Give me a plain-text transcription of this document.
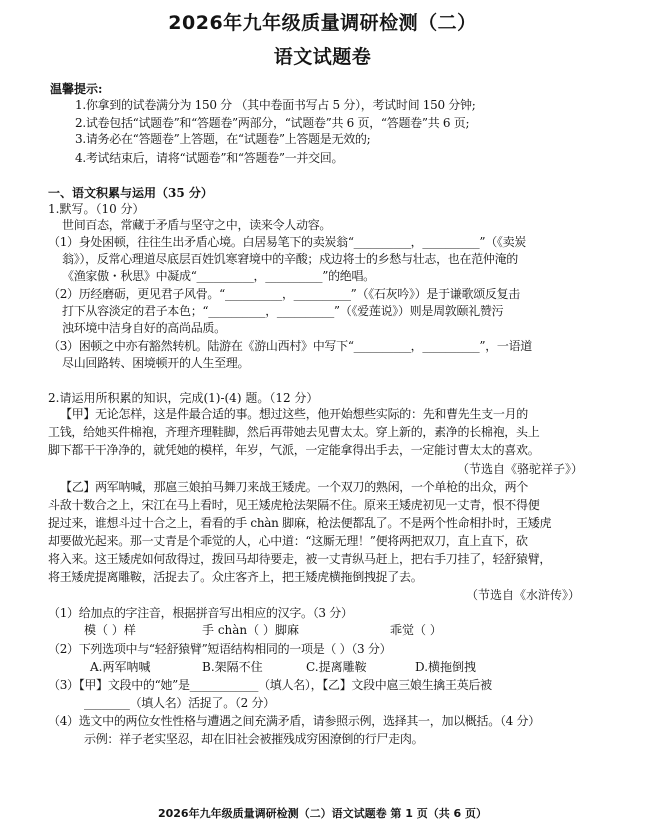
2026年九年级质量调研检测（二）
语文试题卷
温馨提示:
1.你拿到的试卷满分为 150 分 （其中卷面书写占 5 分），考试时间 150 分钟;
2.试卷包括“试题卷”和“答题卷”两部分，“试题卷”共 6 页，“答题卷”共 6 页;
3.请务必在“答题卷”上答题，在“试题卷”上答题是无效的;
4.考试结束后，请将“试题卷”和“答题卷”一并交回。
一、语文积累与运用（35 分）
1.默写。（10 分）
世间百态，常藏于矛盾与坚守之中，读来令人动容。
（1）身处困顿，往往生出矛盾心境。白居易笔下的卖炭翁“__________，__________”（《卖炭
翁》），反常心理道尽底层百姓饥寒窘境中的辛酸；戍边将士的乡愁与壮志，也在范仲淹的
《渔家傲・秋思》中凝成“__________，__________”的绝唱。
（2）历经磨砺，更见君子风骨。“__________，__________”（《石灰吟》）是于谦歌颂反复击
打下从容淡定的君子本色；“__________，__________”（《爱莲说》）则是周敦颐礼赞污
浊环境中洁身自好的高尚品质。
（3）困顿之中亦有豁然转机。陆游在《游山西村》中写下“__________，__________”，一语道
尽山回路转、困境顿开的人生至理。
2.请运用所积累的知识，完成(1)-(4) 题。（12 分）
【甲】无论怎样，这是件最合适的事。想过这些，他开始想些实际的：先和曹先生支一月的
工钱，给她买件棉袍，齐理齐理鞋脚，然后再带她去见曹太太。穿上新的，素净的长棉袍，头上
脚下都干干净净的，就凭她的模样，年岁，气派，一定能拿得出手去，一定能讨曹太太的喜欢。
（节选自《骆驼祥子》）
【乙】两军呐喊，那扈三娘拍马舞刀来战王矮虎。一个双刀的熟闲，一个单枪的出众，两个
斗敌十数合之上，宋江在马上看时，见王矮虎枪法架隔不住。原来王矮虎初见一丈青，恨不得便
捉过来，谁想斗过十合之上，看看的手 chàn 脚麻，枪法便都乱了。不是两个性命相扑时，王矮虎
却要做光起来。那一丈青是个乖觉的人，心中道：“这厮无理！”便将两把双刀，直上直下，砍
将入来。这王矮虎如何敌得过，拨回马却待要走，被一丈青纵马赶上，把右手刀挂了，轻舒猿臂，
将王矮虎提离雕鞍，活捉去了。众庄客齐上，把王矮虎横拖倒拽捉了去。
（节选自《水浒传》）
（1）给加点的字注音，根据拼音写出相应的汉字。（3 分）
模（ ）样	手 chàn（ ）脚麻	乖觉（ ）
（2）下列选项中与“轻舒猿臂”短语结构相同的一项是（ ）（3 分）
A.两军呐喊	B.架隔不住	C.提离雕鞍	D.横拖倒拽
（3）【甲】文段中的“她”是____________（填人名），【乙】文段中扈三娘生擒王英后被
________（填人名）活捉了。（2 分）
（4）选文中的两位女性性格与遭遇之间充满矛盾，请参照示例，选择其一，加以概括。（4 分）
示例：祥子老实坚忍，却在旧社会被摧残成穷困潦倒的行尸走肉。
2026年九年级质量调研检测（二）语文试题卷 第 1 页（共 6 页）
